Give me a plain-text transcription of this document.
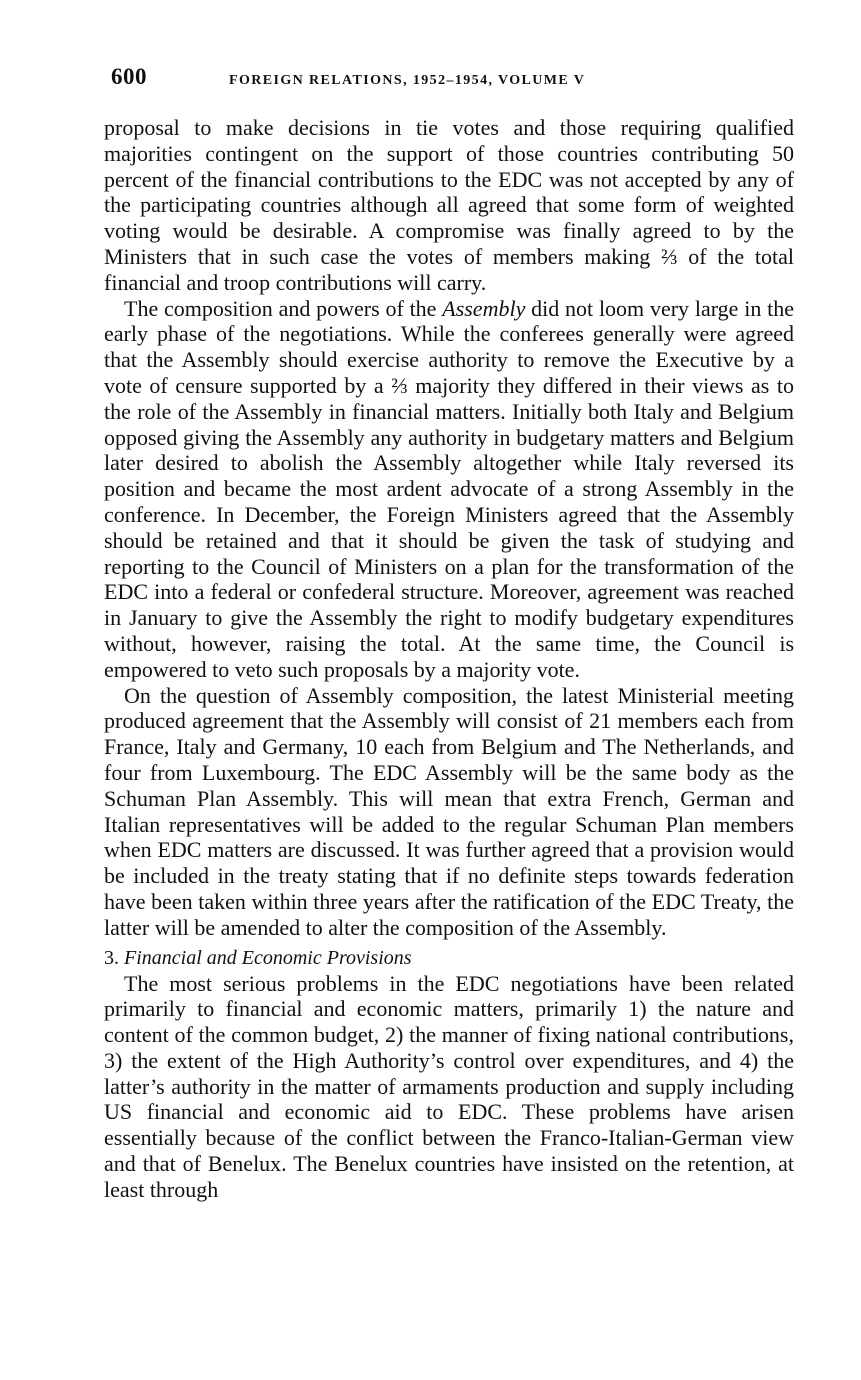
600	FOREIGN RELATIONS, 1952–1954, VOLUME V

proposal to make decisions in tie votes and those requiring qualified majorities contingent on the support of those countries contributing 50 percent of the financial contributions to the EDC was not accepted by any of the participating countries although all agreed that some form of weighted voting would be desirable. A compromise was finally agreed to by the Ministers that in such case the votes of members making ⅔ of the total financial and troop contributions will carry.

The composition and powers of the Assembly did not loom very large in the early phase of the negotiations. While the conferees generally were agreed that the Assembly should exercise authority to remove the Executive by a vote of censure supported by a ⅔ majority they differed in their views as to the role of the Assembly in financial matters. Initially both Italy and Belgium opposed giving the Assembly any authority in budgetary matters and Belgium later desired to abolish the Assembly altogether while Italy reversed its position and became the most ardent advocate of a strong Assembly in the conference. In December, the Foreign Ministers agreed that the Assembly should be retained and that it should be given the task of studying and reporting to the Council of Ministers on a plan for the transformation of the EDC into a federal or confederal structure. Moreover, agreement was reached in January to give the Assembly the right to modify budgetary expenditures without, however, raising the total. At the same time, the Council is empowered to veto such proposals by a majority vote.

On the question of Assembly composition, the latest Ministerial meeting produced agreement that the Assembly will consist of 21 members each from France, Italy and Germany, 10 each from Belgium and The Netherlands, and four from Luxembourg. The EDC Assembly will be the same body as the Schuman Plan Assembly. This will mean that extra French, German and Italian representatives will be added to the regular Schuman Plan members when EDC matters are discussed. It was further agreed that a provision would be included in the treaty stating that if no definite steps towards federation have been taken within three years after the ratification of the EDC Treaty, the latter will be amended to alter the composition of the Assembly.

3. Financial and Economic Provisions

The most serious problems in the EDC negotiations have been related primarily to financial and economic matters, primarily 1) the nature and content of the common budget, 2) the manner of fixing national contributions, 3) the extent of the High Authority’s control over expenditures, and 4) the latter’s authority in the matter of armaments production and supply including US financial and economic aid to EDC. These problems have arisen essentially because of the conflict between the Franco-Italian-German view and that of Benelux. The Benelux countries have insisted on the retention, at least through
